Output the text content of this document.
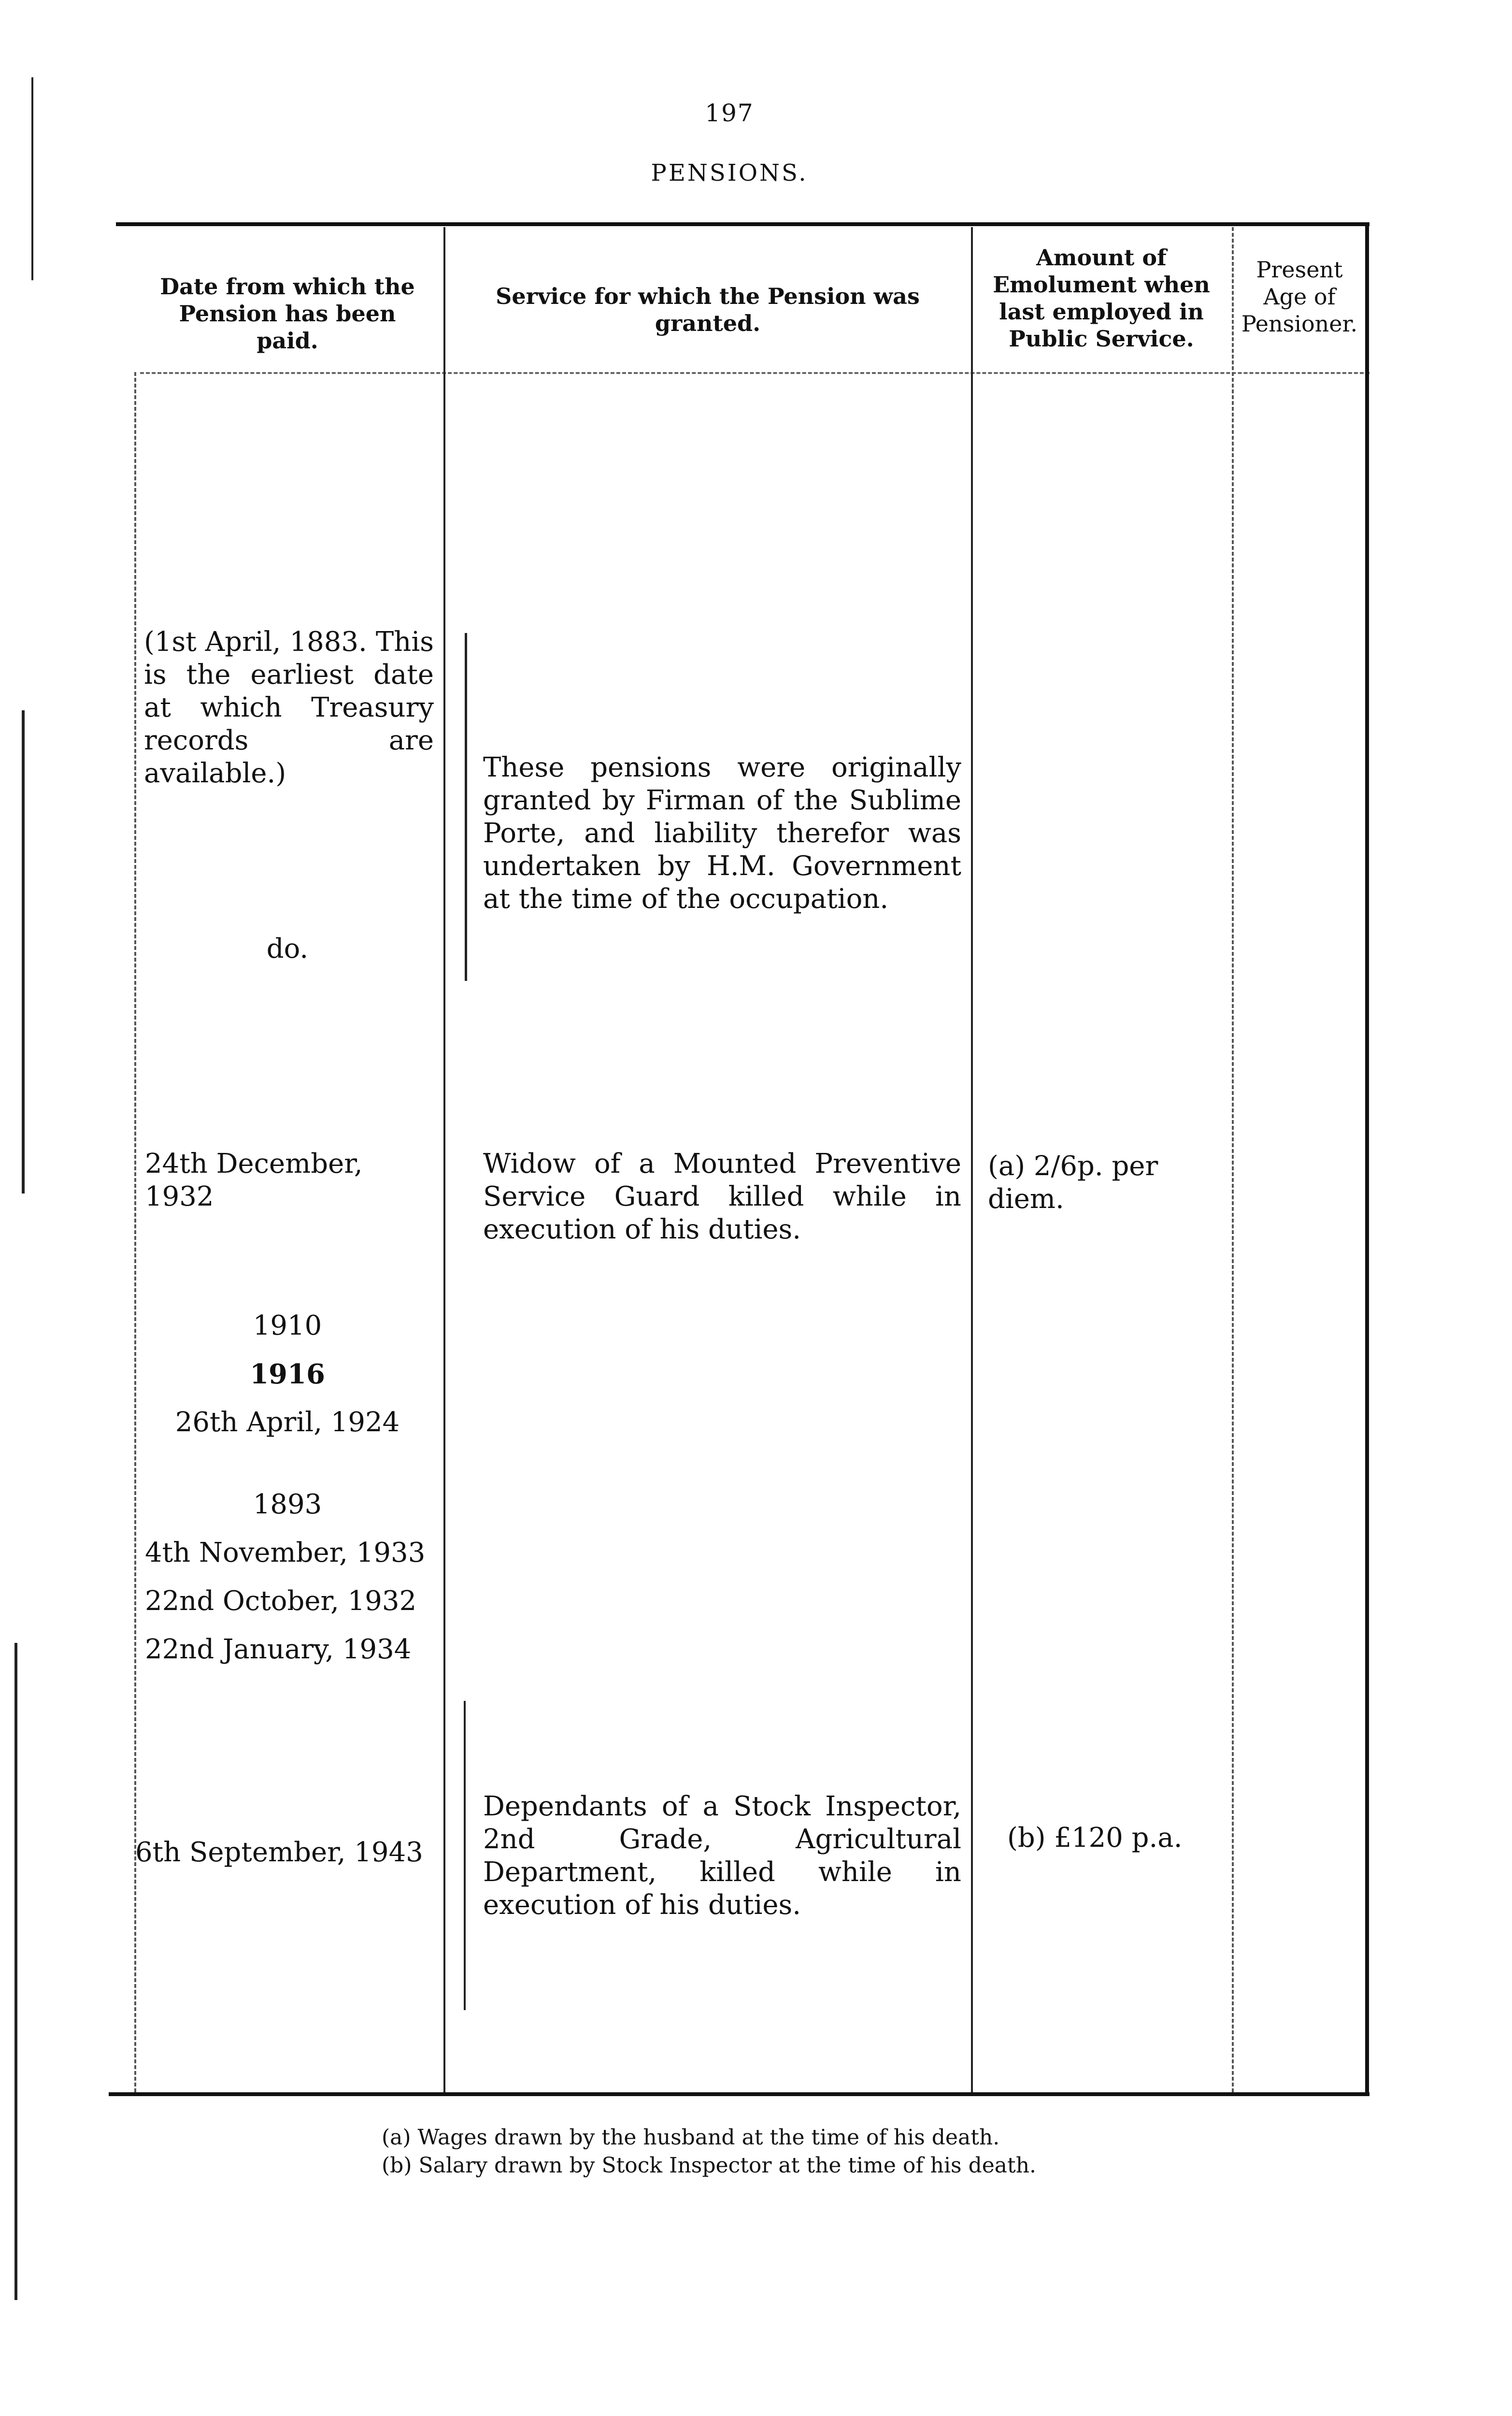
197
PENSIONS.
Date from which the Pension has been paid.
Service for which the Pension was granted.
Amount of Emolument when last employed in Public Service.
Present Age of Pensioner.
(1st April, 1883. This is the earliest date at which Treasury records are available.)
do.
These pensions were originally granted by Firman of the Sublime Porte, and liability therefor was undertaken by H.M. Government at the time of the occupation.
24th December, 1932
Widow of a Mounted Preventive Service Guard killed while in execution of his duties.
(a) 2/6p. per diem.
1910
1916
26th April, 1924
1893
4th November, 1933
22nd October, 1932
22nd January, 1934
6th September, 1943
Dependants of a Stock Inspector, 2nd Grade, Agricultural Department, killed while in execution of his duties.
(b) £120 p.a.
(a) Wages drawn by the husband at the time of his death.
(b) Salary drawn by Stock Inspector at the time of his death.
